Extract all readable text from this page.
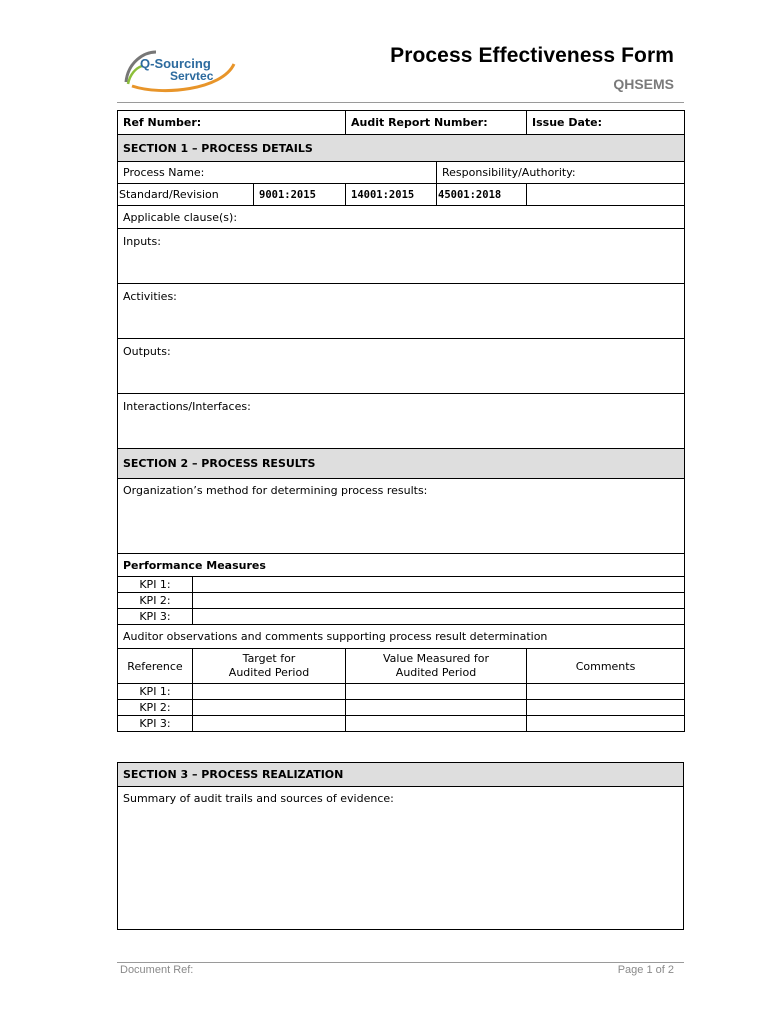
Q-Sourcing
Servtec
Process Effectiveness Form
QHSEMS
Ref Number:			Audit Report Number:		Issue Date:
SECTION 1 – PROCESS DETAILS					
Process Name:				Responsibility/Authority:	
Standard/Revision		9001:2015	14001:2015	45001:2018	
Applicable clause(s):					
Inputs:					
Activities:					
Outputs:					
Interactions/Interfaces:					
SECTION 2 – PROCESS RESULTS					
Organization’s method for determining process results:					
Performance Measures					
KPI 1:					
KPI 2:					
KPI 3:					
Auditor observations and comments supporting process result determination					
Reference	Target for Audited Period		Value Measured for Audited Period		Comments
KPI 1:					
KPI 2:					
KPI 3:					
SECTION 3 – PROCESS REALIZATION
Summary of audit trails and sources of evidence:
Document Ref:	Page 1 of 2
